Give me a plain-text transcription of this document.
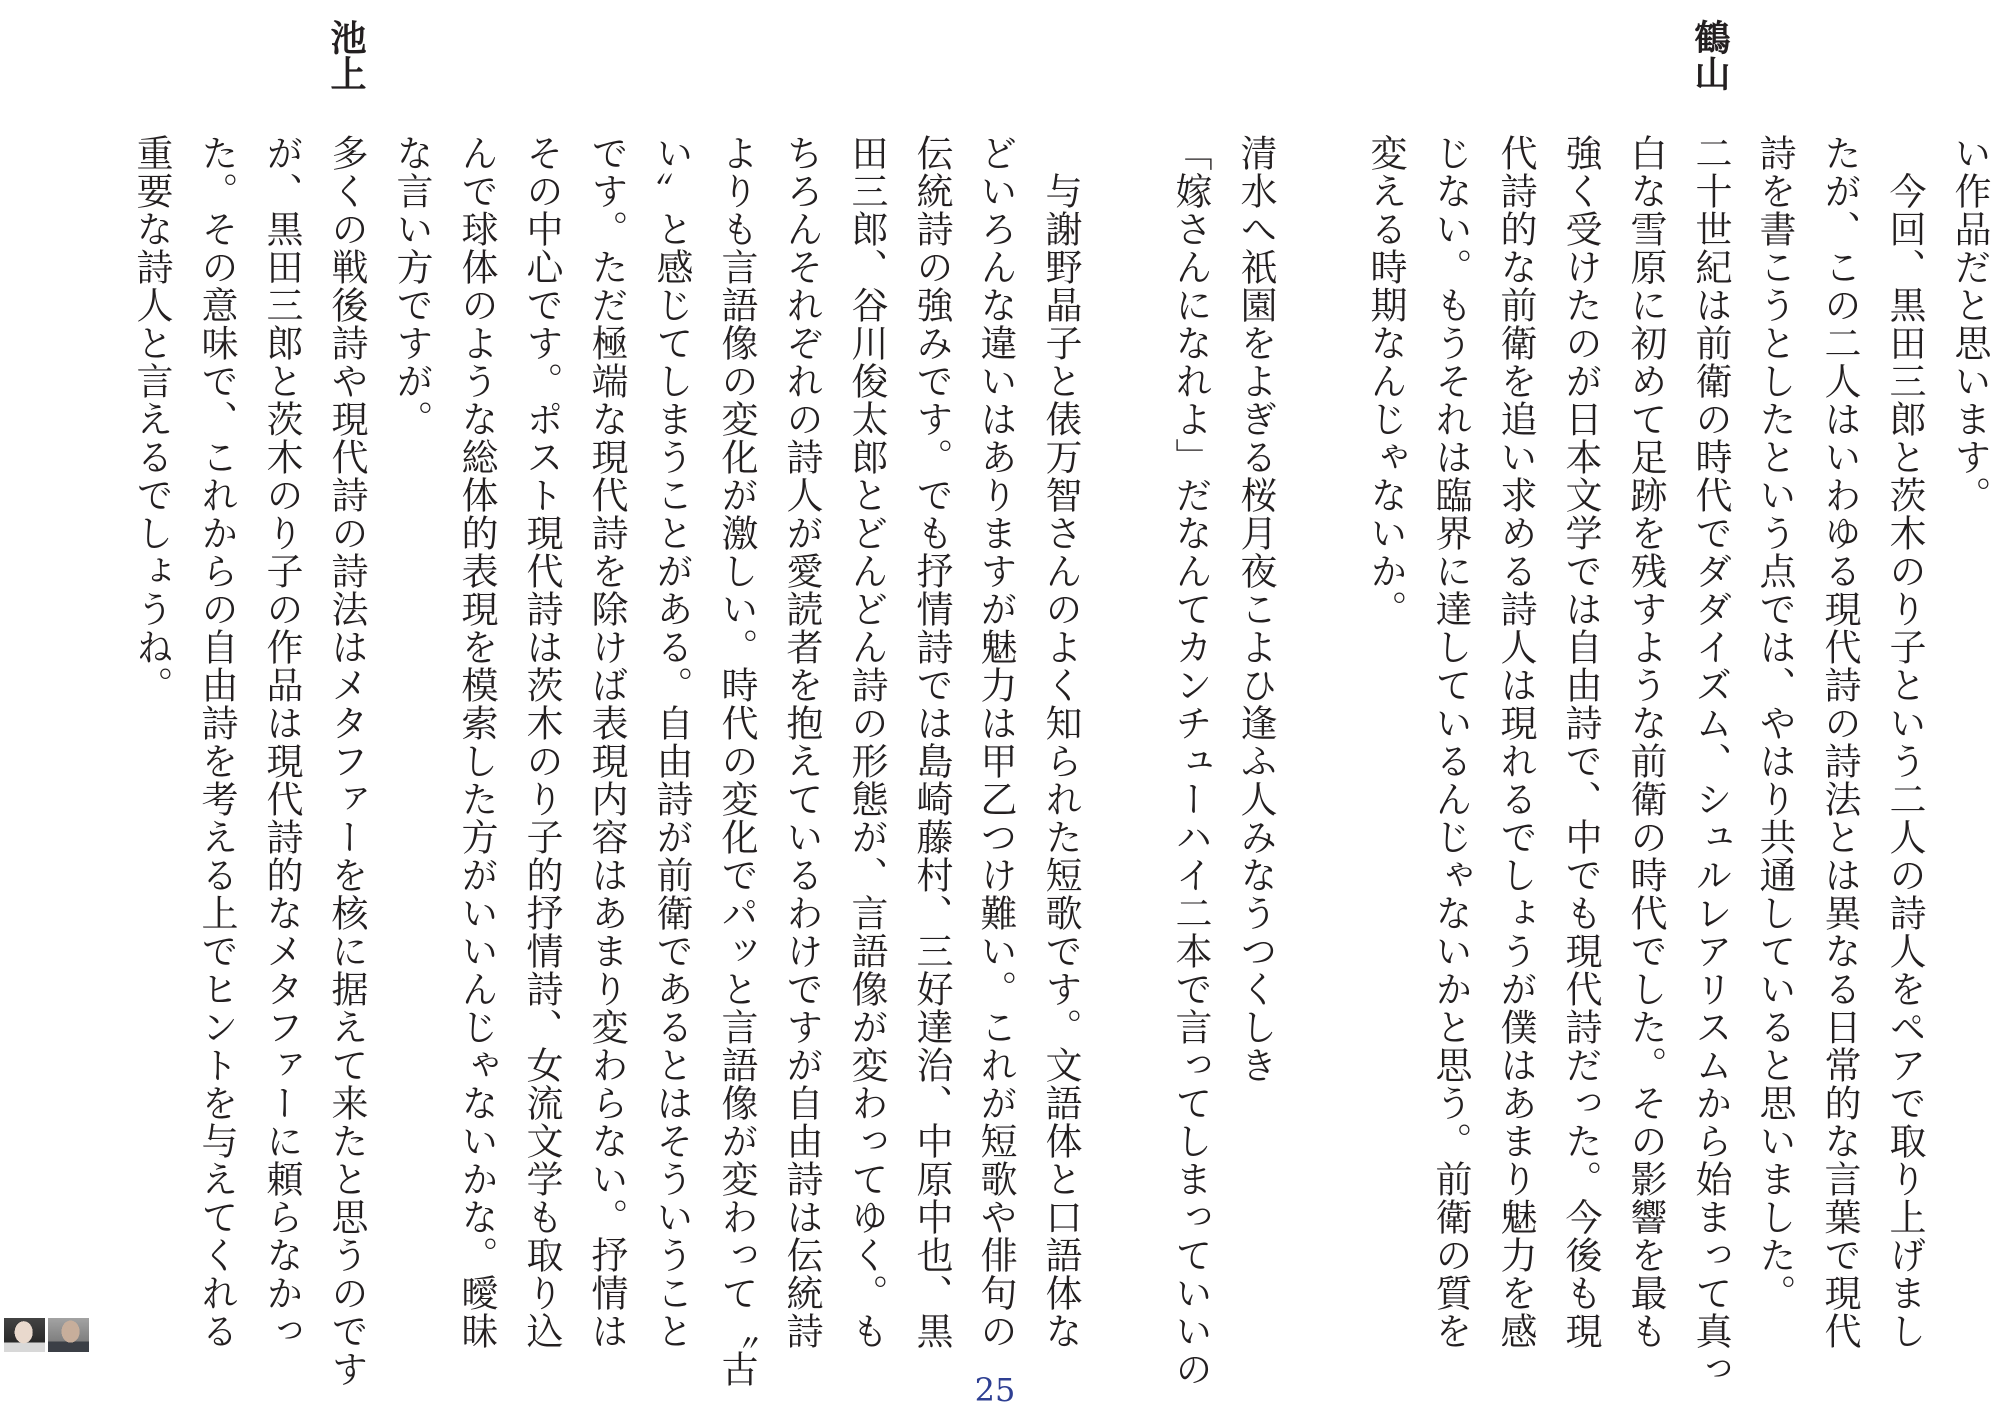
い作品だと思います。
　今回、黒田三郎と茨木のり子という二人の詩人をペアで取り上げまし
たが、この二人はいわゆる現代詩の詩法とは異なる日常的な言葉で現代
詩を書こうとしたという点では、やはり共通していると思いました。
鶴山
二十世紀は前衛の時代でダダイズム、シュルレアリスムから始まって真っ
白な雪原に初めて足跡を残すような前衛の時代でした。その影響を最も
強く受けたのが日本文学では自由詩で、中でも現代詩だった。今後も現
代詩的な前衛を追い求める詩人は現れるでしょうが僕はあまり魅力を感
じない。もうそれは臨界に達しているんじゃないかと思う。前衛の質を
変える時期なんじゃないか。
清水へ祇園をよぎる桜月夜こよひ逢ふ人みなうつくしき
「嫁さんになれよ」だなんてカンチューハイ二本で言ってしまっていいの
　与謝野晶子と俵万智さんのよく知られた短歌です。文語体と口語体な
どいろんな違いはありますが魅力は甲乙つけ難い。これが短歌や俳句の
伝統詩の強みです。でも抒情詩では島崎藤村、三好達治、中原中也、黒
田三郎、谷川俊太郎とどんどん詩の形態が、言語像が変わってゆく。も
ちろんそれぞれの詩人が愛読者を抱えているわけですが自由詩は伝統詩
よりも言語像の変化が激しい。時代の変化でパッと言語像が変わって〝古
い〟と感じてしまうことがある。自由詩が前衛であるとはそういうこと
です。ただ極端な現代詩を除けば表現内容はあまり変わらない。抒情は
その中心です。ポスト現代詩は茨木のり子的抒情詩、女流文学も取り込
んで球体のような総体的表現を模索した方がいいんじゃないかな。曖昧
な言い方ですが。
池上
多くの戦後詩や現代詩の詩法はメタファーを核に据えて来たと思うのです
が、黒田三郎と茨木のり子の作品は現代詩的なメタファーに頼らなかっ
た。その意味で、これからの自由詩を考える上でヒントを与えてくれる
重要な詩人と言えるでしょうね。
25
